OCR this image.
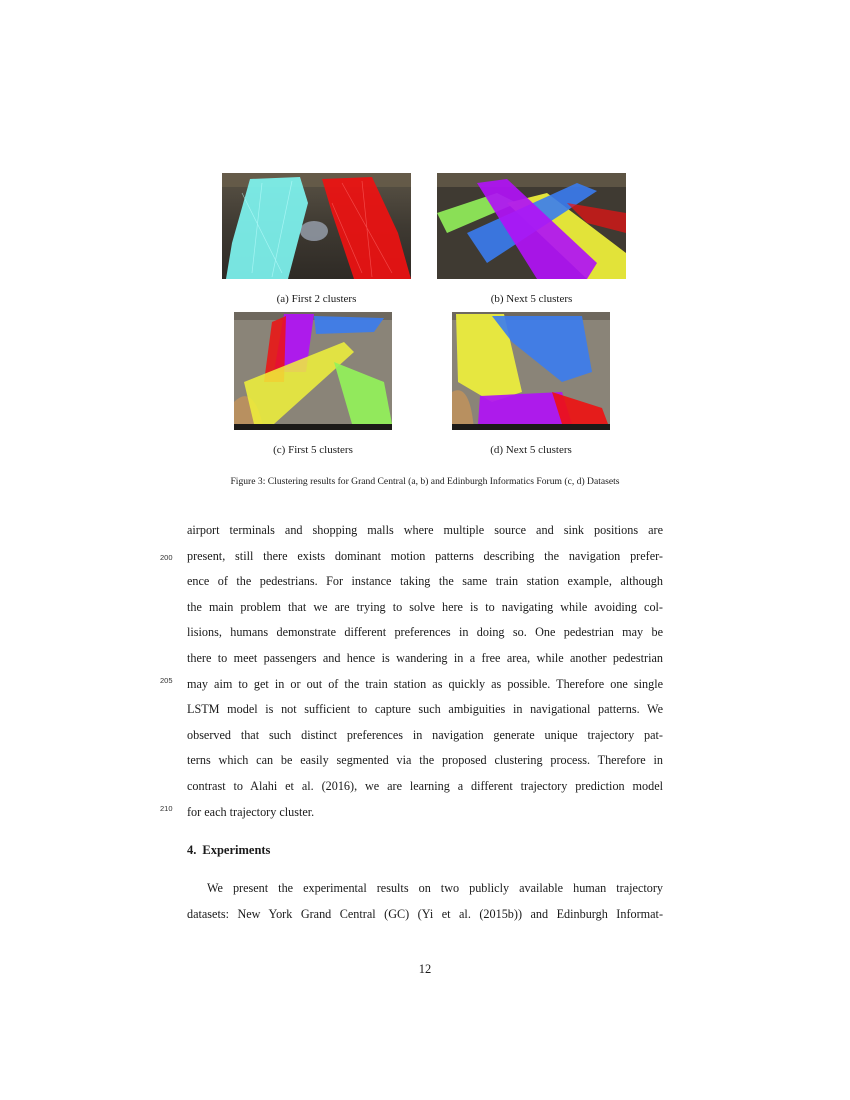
(a) First 2 clusters	(b) Next 5 clusters
(c) First 5 clusters	(d) Next 5 clusters
Figure 3: Clustering results for Grand Central (a, b) and Edinburgh Informatics Forum (c, d) Datasets
airport terminals and shopping malls where multiple source and sink positions are
present, still there exists dominant motion patterns describing the navigation prefer-
ence of the pedestrians. For instance taking the same train station example, although
the main problem that we are trying to solve here is to navigating while avoiding col-
lisions, humans demonstrate different preferences in doing so. One pedestrian may be
there to meet passengers and hence is wandering in a free area, while another pedestrian
may aim to get in or out of the train station as quickly as possible. Therefore one single
LSTM model is not sufficient to capture such ambiguities in navigational patterns. We
observed that such distinct preferences in navigation generate unique trajectory pat-
terns which can be easily segmented via the proposed clustering process. Therefore in
contrast to Alahi et al. (2016), we are learning a different trajectory prediction model
for each trajectory cluster.
200
205
210
4. Experiments
We present the experimental results on two publicly available human trajectory
datasets: New York Grand Central (GC) (Yi et al. (2015b)) and Edinburgh Informat-
12
